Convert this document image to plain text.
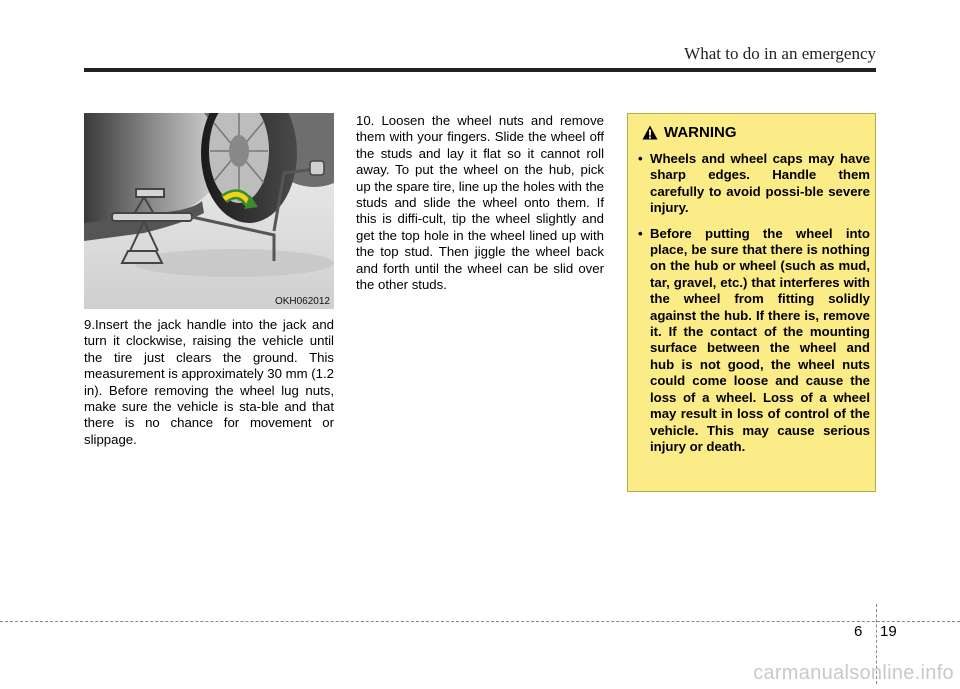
What to do in an emergency
OKH062012
9.Insert the jack handle into the jack and turn it clockwise, raising the vehicle until the tire just clears the ground. This measurement is approximately 30 mm (1.2 in). Before removing the wheel lug nuts, make sure the vehicle is sta-ble and that there is no chance for movement or slippage.
10. Loosen the wheel nuts and remove them with your fingers. Slide the wheel off the studs and lay it flat so it cannot roll away. To put the wheel on the hub, pick up the spare tire, line up the holes with the studs and slide the wheel onto them. If this is diffi-cult, tip the wheel slightly and get the top hole in the wheel lined up with the top stud. Then jiggle the wheel back and forth until the wheel can be slid over the other studs.
WARNING
• Wheels and wheel caps may have sharp edges. Handle them carefully to avoid possi-ble severe injury.
• Before putting the wheel into place, be sure that there is nothing on the hub or wheel (such as mud, tar, gravel, etc.) that interferes with the wheel from fitting solidly against the hub. If there is, remove it. If the contact of the mounting surface between the wheel and hub is not good, the wheel nuts could come loose and cause the loss of a wheel. Loss of a wheel may result in loss of control of the vehicle. This may cause serious injury or death.
6 19
carmanualsonline.info
